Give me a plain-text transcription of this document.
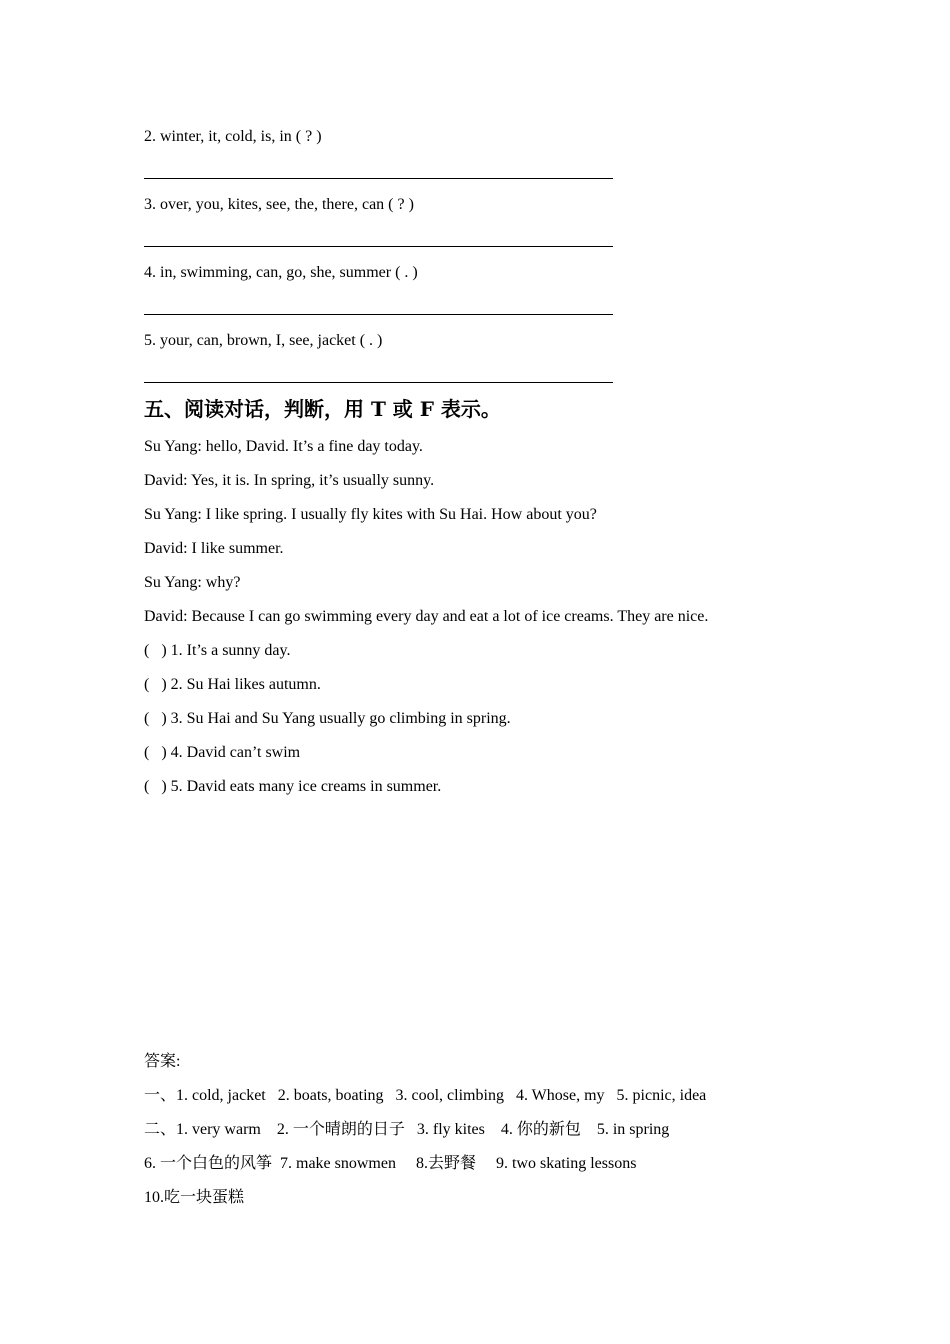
2. winter, it, cold, is, in ( ? )
3. over, you, kites, see, the, there, can ( ? )
4. in, swimming, can, go, she, summer ( . )
5. your, can, brown, I, see, jacket ( . )
五、阅读对话，判断，用 T 或 F 表示。
Su Yang: hello, David. It’s a fine day today.
David: Yes, it is. In spring, it’s usually sunny.
Su Yang: I like spring. I usually fly kites with Su Hai. How about you?
David: I like summer.
Su Yang: why?
David: Because I can go swimming every day and eat a lot of ice creams. They are nice.
(   ) 1. It’s a sunny day.
(   ) 2. Su Hai likes autumn.
(   ) 3. Su Hai and Su Yang usually go climbing in spring.
(   ) 4. David can’t swim
(   ) 5. David eats many ice creams in summer.
答案:
一、1. cold, jacket   2. boats, boating   3. cool, climbing   4. Whose, my   5. picnic, idea
二、1. very warm    2. 一个晴朗的日子   3. fly kites    4. 你的新包    5. in spring
6. 一个白色的风筝  7. make snowmen     8.去野餐     9. two skating lessons
10.吃一块蛋糕
